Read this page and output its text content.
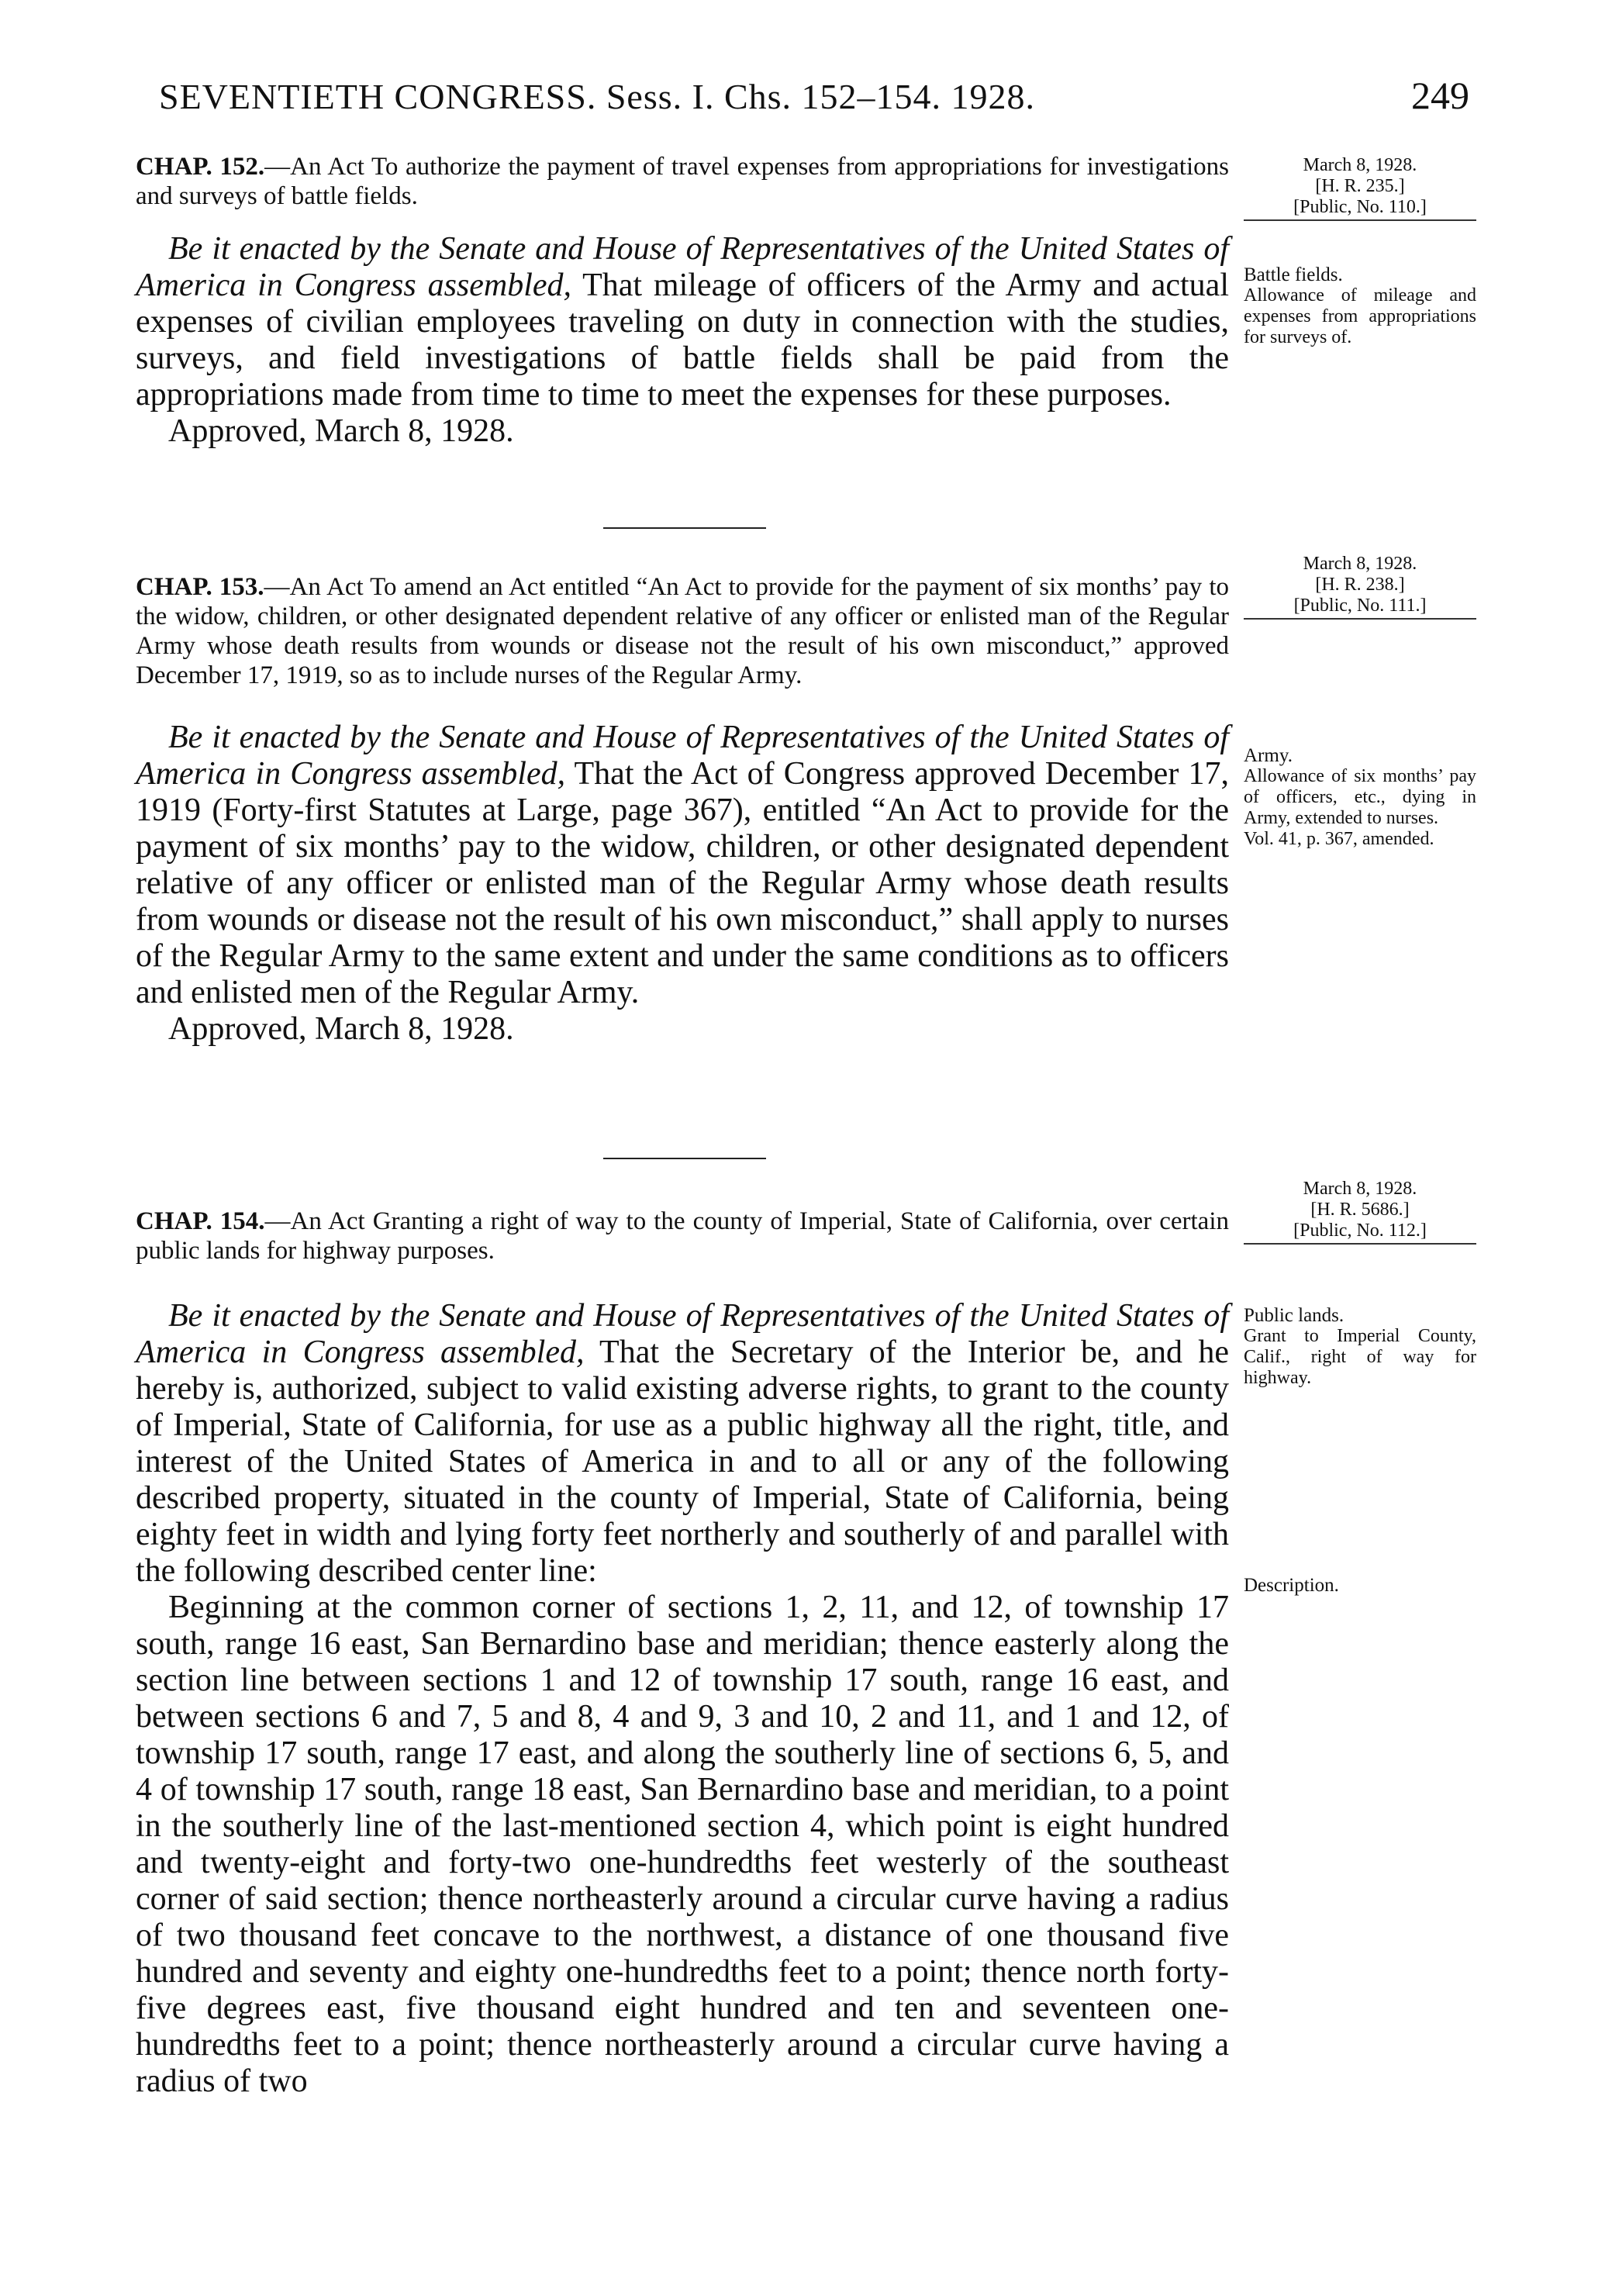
SEVENTIETH CONGRESS. Sess. I. Chs. 152–154. 1928.	249
CHAP. 152.—An Act To authorize the payment of travel expenses from appropriations for investigations and surveys of battle fields.

Be it enacted by the Senate and House of Representatives of the United States of America in Congress assembled, That mileage of officers of the Army and actual expenses of civilian employees traveling on duty in connection with the studies, surveys, and field investigations of battle fields shall be paid from the appropriations made from time to time to meet the expenses for these purposes.

Approved, March 8, 1928.

March 8, 1928.
[H. R. 235.]
[Public, No. 110.]
Battle fields.
Allowance of mileage and expenses from appropriations for surveys of.
CHAP. 153.—An Act To amend an Act entitled “An Act to provide for the payment of six months’ pay to the widow, children, or other designated dependent relative of any officer or enlisted man of the Regular Army whose death results from wounds or disease not the result of his own misconduct,” approved December 17, 1919, so as to include nurses of the Regular Army.

Be it enacted by the Senate and House of Representatives of the United States of America in Congress assembled, That the Act of Congress approved December 17, 1919 (Forty-first Statutes at Large, page 367), entitled “An Act to provide for the payment of six months’ pay to the widow, children, or other designated dependent relative of any officer or enlisted man of the Regular Army whose death results from wounds or disease not the result of his own misconduct,” shall apply to nurses of the Regular Army to the same extent and under the same conditions as to officers and enlisted men of the Regular Army.

Approved, March 8, 1928.

March 8, 1928.
[H. R. 238.]
[Public, No. 111.]
Army.
Allowance of six months’ pay of officers, etc., dying in Army, extended to nurses.
Vol. 41, p. 367, amended.
CHAP. 154.—An Act Granting a right of way to the county of Imperial, State of California, over certain public lands for highway purposes.

Be it enacted by the Senate and House of Representatives of the United States of America in Congress assembled, That the Secretary of the Interior be, and he hereby is, authorized, subject to valid existing adverse rights, to grant to the county of Imperial, State of California, for use as a public highway all the right, title, and interest of the United States of America in and to all or any of the following described property, situated in the county of Imperial, State of California, being eighty feet in width and lying forty feet northerly and southerly of and parallel with the following described center line:

Beginning at the common corner of sections 1, 2, 11, and 12, of township 17 south, range 16 east, San Bernardino base and meridian; thence easterly along the section line between sections 1 and 12 of township 17 south, range 16 east, and between sections 6 and 7, 5 and 8, 4 and 9, 3 and 10, 2 and 11, and 1 and 12, of township 17 south, range 17 east, and along the southerly line of sections 6, 5, and 4 of township 17 south, range 18 east, San Bernardino base and meridian, to a point in the southerly line of the last-mentioned section 4, which point is eight hundred and twenty-eight and forty-two one-hundredths feet westerly of the southeast corner of said section; thence northeasterly around a circular curve having a radius of two thousand feet concave to the northwest, a distance of one thousand five hundred and seventy and eighty one-hundredths feet to a point; thence north forty-five degrees east, five thousand eight hundred and ten and seventeen one-hundredths feet to a point; thence northeasterly around a circular curve having a radius of two

March 8, 1928.
[H. R. 5686.]
[Public, No. 112.]
Public lands.
Grant to Imperial County, Calif., right of way for highway.
Description.
